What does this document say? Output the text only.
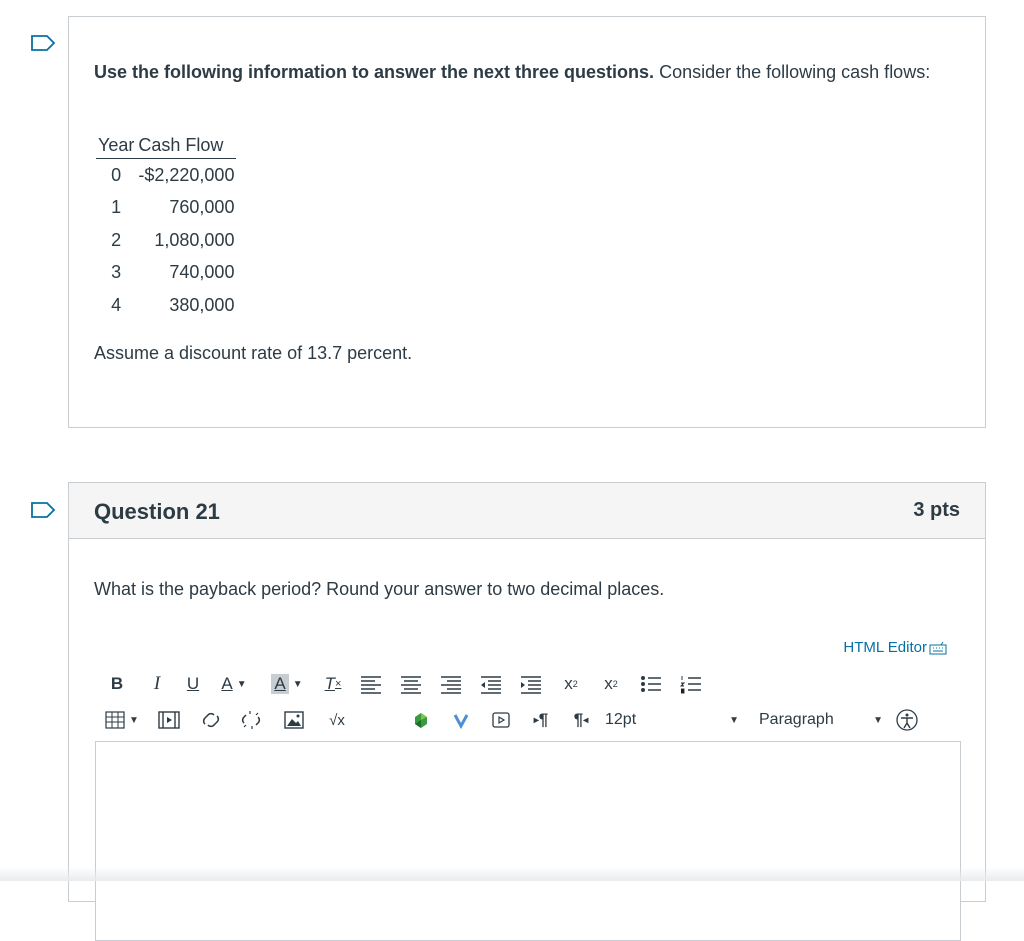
Use the following information to answer the next three questions. Consider the following cash flows:
Year	Cash Flow
0	-$2,220,000
1	760,000
2	1,080,000
3	740,000
4	380,000
Assume a discount rate of 13.7 percent.
Question 21	3 pts
What is the payback period? Round your answer to two decimal places.
HTML Editor
B	I	U	A ▼ A ▼ T ×	x 2 x 2
▼	√x	▸ ¶ ¶ ◂ 12pt	▼ Paragraph	▼
